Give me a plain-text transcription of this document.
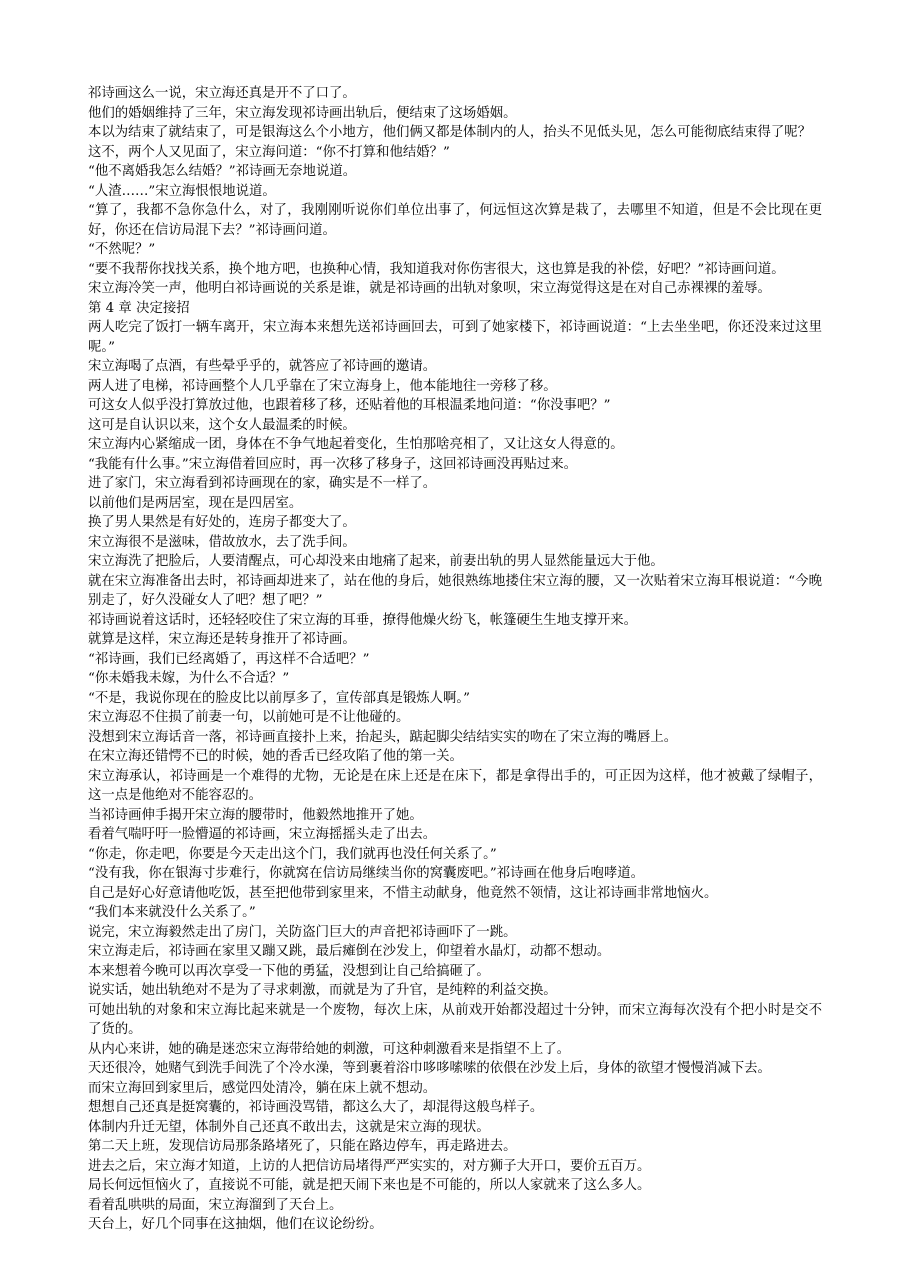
祁诗画这么一说，宋立海还真是开不了口了。

他们的婚姻维持了三年，宋立海发现祁诗画出轨后，便结束了这场婚姻。

本以为结束了就结束了，可是银海这么个小地方，他们俩又都是体制内的人，抬头不见低头见，怎么可能彻底结束得了呢？

这不，两个人又见面了，宋立海问道：“你不打算和他结婚？”

“他不离婚我怎么结婚？”祁诗画无奈地说道。

“人渣……”宋立海恨恨地说道。

“算了，我都不急你急什么，对了，我刚刚听说你们单位出事了，何远恒这次算是栽了，去哪里不知道，但是不会比现在更好，你还在信访局混下去？”祁诗画问道。

“不然呢？”

“要不我帮你找找关系，换个地方吧，也换种心情，我知道我对你伤害很大，这也算是我的补偿，好吧？”祁诗画问道。

宋立海冷笑一声，他明白祁诗画说的关系是谁，就是祁诗画的出轨对象呗，宋立海觉得这是在对自己赤裸裸的羞辱。

第 4 章 决定接招

两人吃完了饭打一辆车离开，宋立海本来想先送祁诗画回去，可到了她家楼下，祁诗画说道：“上去坐坐吧，你还没来过这里呢。”

宋立海喝了点酒，有些晕乎乎的，就答应了祁诗画的邀请。

两人进了电梯，祁诗画整个人几乎靠在了宋立海身上，他本能地往一旁移了移。

可这女人似乎没打算放过他，也跟着移了移，还贴着他的耳根温柔地问道：“你没事吧？”

这可是自认识以来，这个女人最温柔的时候。

宋立海内心紧缩成一团，身体在不争气地起着变化，生怕那啥亮相了，又让这女人得意的。

“我能有什么事。”宋立海借着回应时，再一次移了移身子，这回祁诗画没再贴过来。

进了家门，宋立海看到祁诗画现在的家，确实是不一样了。

以前他们是两居室，现在是四居室。

换了男人果然是有好处的，连房子都变大了。

宋立海很不是滋味，借故放水，去了洗手间。

宋立海洗了把脸后，人要清醒点，可心却没来由地痛了起来，前妻出轨的男人显然能量远大于他。

就在宋立海准备出去时，祁诗画却进来了，站在他的身后，她很熟练地搂住宋立海的腰，又一次贴着宋立海耳根说道：“今晚别走了，好久没碰女人了吧？想了吧？”

祁诗画说着这话时，还轻轻咬住了宋立海的耳垂，撩得他燥火纷飞，帐篷硬生生地支撑开来。

就算是这样，宋立海还是转身推开了祁诗画。

“祁诗画，我们已经离婚了，再这样不合适吧？”

“你未婚我未嫁，为什么不合适？”

“不是，我说你现在的脸皮比以前厚多了，宣传部真是锻炼人啊。”

宋立海忍不住损了前妻一句，以前她可是不让他碰的。

没想到宋立海话音一落，祁诗画直接扑上来，抬起头，踮起脚尖结结实实的吻在了宋立海的嘴唇上。

在宋立海还错愕不已的时候，她的香舌已经攻陷了他的第一关。

宋立海承认，祁诗画是一个难得的尤物，无论是在床上还是在床下，都是拿得出手的，可正因为这样，他才被戴了绿帽子，这一点是他绝对不能容忍的。

当祁诗画伸手揭开宋立海的腰带时，他毅然地推开了她。

看着气喘吁吁一脸懵逼的祁诗画，宋立海摇摇头走了出去。

“你走，你走吧，你要是今天走出这个门，我们就再也没任何关系了。”

“没有我，你在银海寸步难行，你就窝在信访局继续当你的窝囊废吧。”祁诗画在他身后咆哮道。

自己是好心好意请他吃饭，甚至把他带到家里来，不惜主动献身，他竟然不领情，这让祁诗画非常地恼火。

“我们本来就没什么关系了。”

说完，宋立海毅然走出了房门，关防盗门巨大的声音把祁诗画吓了一跳。

宋立海走后，祁诗画在家里又蹦又跳，最后瘫倒在沙发上，仰望着水晶灯，动都不想动。

本来想着今晚可以再次享受一下他的勇猛，没想到让自己给搞砸了。

说实话，她出轨绝对不是为了寻求刺激，而就是为了升官，是纯粹的利益交换。

可她出轨的对象和宋立海比起来就是一个废物，每次上床，从前戏开始都没超过十分钟，而宋立海每次没有个把小时是交不了货的。

从内心来讲，她的确是迷恋宋立海带给她的刺激，可这种刺激看来是指望不上了。

天还很冷，她赌气到洗手间洗了个冷水澡，等到裹着浴巾哆哆嗦嗦的依偎在沙发上后，身体的欲望才慢慢消减下去。

而宋立海回到家里后，感觉四处清冷，躺在床上就不想动。

想想自己还真是挺窝囊的，祁诗画没骂错，都这么大了，却混得这般鸟样子。

体制内升迁无望，体制外自己还真不敢出去，这就是宋立海的现状。

第二天上班，发现信访局那条路堵死了，只能在路边停车，再走路进去。

进去之后，宋立海才知道，上访的人把信访局堵得严严实实的，对方狮子大开口，要价五百万。

局长何远恒恼火了，直接说不可能，就是把天闹下来也是不可能的，所以人家就来了这么多人。

看着乱哄哄的局面，宋立海溜到了天台上。

天台上，好几个同事在这抽烟，他们在议论纷纷。
